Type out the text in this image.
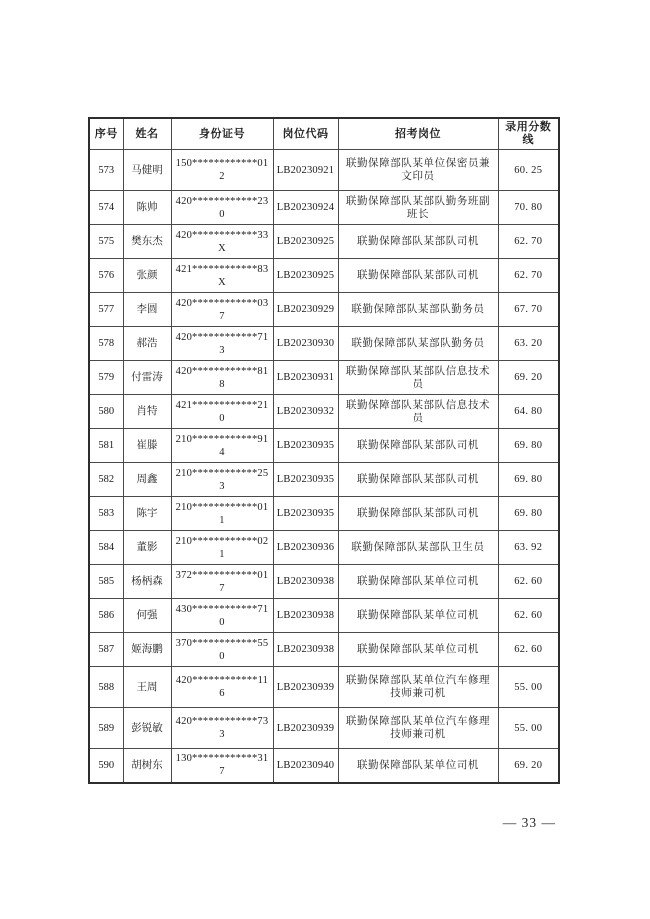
序号	姓名	身份证号	岗位代码	招考岗位	录用分数线
573	马健明	150************012	LB20230921	联勤保障部队某单位保密员兼文印员	60. 25
574	陈帅	420************230	LB20230924	联勤保障部队某部队勤务班副班长	70. 80
575	樊东杰	420************33X	LB20230925	联勤保障部队某部队司机	62. 70
576	张颜	421************83X	LB20230925	联勤保障部队某部队司机	62. 70
577	李圆	420************037	LB20230929	联勤保障部队某部队勤务员	67. 70
578	郝浩	420************713	LB20230930	联勤保障部队某部队勤务员	63. 20
579	付雷涛	420************818	LB20230931	联勤保障部队某部队信息技术员	69. 20
580	肖特	421************210	LB20230932	联勤保障部队某部队信息技术员	64. 80
581	崔滕	210************914	LB20230935	联勤保障部队某部队司机	69. 80
582	周鑫	210************253	LB20230935	联勤保障部队某部队司机	69. 80
583	陈宇	210************011	LB20230935	联勤保障部队某部队司机	69. 80
584	董影	210************021	LB20230936	联勤保障部队某部队卫生员	63. 92
585	杨柄森	372************017	LB20230938	联勤保障部队某单位司机	62. 60
586	何强	430************710	LB20230938	联勤保障部队某单位司机	62. 60
587	姬海鹏	370************550	LB20230938	联勤保障部队某单位司机	62. 60
588	王周	420************116	LB20230939	联勤保障部队某单位汽车修理技师兼司机	55. 00
589	彭锐敏	420************733	LB20230939	联勤保障部队某单位汽车修理技师兼司机	55. 00
590	胡树东	130************317	LB20230940	联勤保障部队某单位司机	69. 20
— 33 —
